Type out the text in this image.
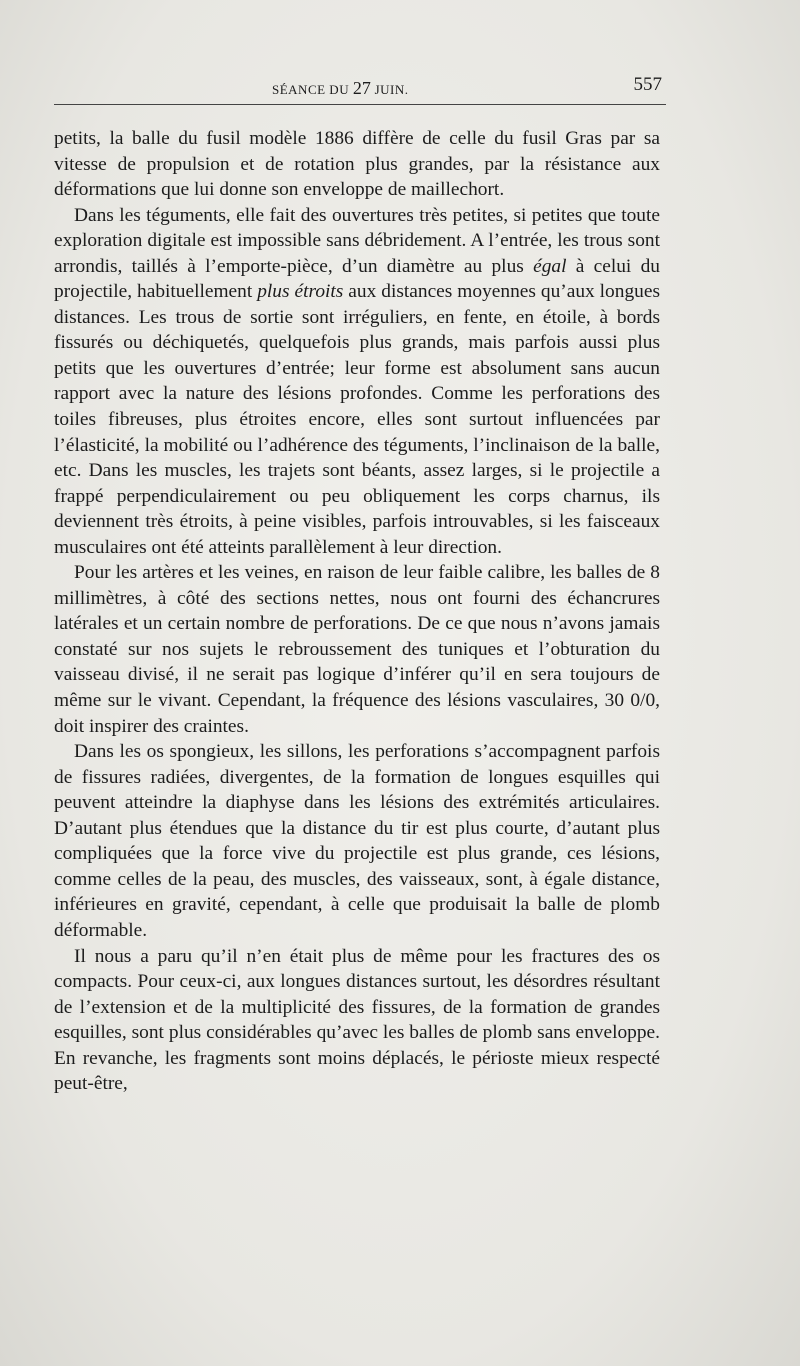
SÉANCE DU 27 JUIN.	557

petits, la balle du fusil modèle 1886 diffère de celle du fusil Gras par sa vitesse de propulsion et de rotation plus grandes, par la résistance aux déformations que lui donne son enveloppe de maillechort.

Dans les téguments, elle fait des ouvertures très petites, si petites que toute exploration digitale est impossible sans débridement. A l’entrée, les trous sont arrondis, taillés à l’emporte-pièce, d’un diamètre au plus égal à celui du projectile, habituellement plus étroits aux distances moyennes qu’aux longues distances. Les trous de sortie sont irréguliers, en fente, en étoile, à bords fissurés ou déchiquetés, quelquefois plus grands, mais parfois aussi plus petits que les ouvertures d’entrée; leur forme est absolument sans aucun rapport avec la nature des lésions profondes. Comme les perforations des toiles fibreuses, plus étroites encore, elles sont surtout influencées par l’élasticité, la mobilité ou l’adhérence des téguments, l’inclinaison de la balle, etc. Dans les muscles, les trajets sont béants, assez larges, si le projectile a frappé perpendiculairement ou peu obliquement les corps charnus, ils deviennent très étroits, à peine visibles, parfois introuvables, si les faisceaux musculaires ont été atteints parallèlement à leur direction.

Pour les artères et les veines, en raison de leur faible calibre, les balles de 8 millimètres, à côté des sections nettes, nous ont fourni des échancrures latérales et un certain nombre de perforations. De ce que nous n’avons jamais constaté sur nos sujets le rebroussement des tuniques et l’obturation du vaisseau divisé, il ne serait pas logique d’inférer qu’il en sera toujours de même sur le vivant. Cependant, la fréquence des lésions vasculaires, 30 0/0, doit inspirer des craintes.

Dans les os spongieux, les sillons, les perforations s’accompagnent parfois de fissures radiées, divergentes, de la formation de longues esquilles qui peuvent atteindre la diaphyse dans les lésions des extrémités articulaires. D’autant plus étendues que la distance du tir est plus courte, d’autant plus compliquées que la force vive du projectile est plus grande, ces lésions, comme celles de la peau, des muscles, des vaisseaux, sont, à égale distance, inférieures en gravité, cependant, à celle que produisait la balle de plomb déformable.

Il nous a paru qu’il n’en était plus de même pour les fractures des os compacts. Pour ceux-ci, aux longues distances surtout, les désordres résultant de l’extension et de la multiplicité des fissures, de la formation de grandes esquilles, sont plus considérables qu’avec les balles de plomb sans enveloppe. En revanche, les fragments sont moins déplacés, le périoste mieux respecté peut-être,
